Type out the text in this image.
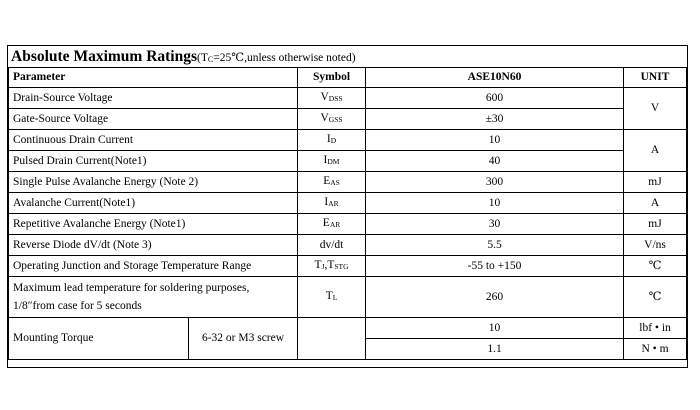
Absolute Maximum $Ratings(T_C=25℃,unless$ otherwise noted)
Parameter		Symbol	ASE10N60	UNIT
Drain-Source Voltage		$V_{DSS}$	600	V
Gate-Source Voltage		$V_{GSS}$	±30	
Continuous Drain Current		$I_D$	10	A
Pulsed Drain Current(Note1)		$I_{DM}$	40	
Single Pulse Avalanche Energy (Note 2)		$E_{AS}$	300	mJ
Avalanche Current(Note1)		$I_{AR}$	10	A
Repetitive Avalanche Energy (Note1)		$E_{AR}$	30	mJ
Reverse Diode dV/dt (Note 3)		dv/dt	5.5	V/ns
Operating Junction and Storage Temperature Range		$T_J,T_{STG}$	-55 to +150	℃

Maximum lead temperature for soldering purposes,
1/8″from case for 5 seconds		$T_L$	260	℃
Mounting Torque	6-32 or M3 screw		10	lbf • in
			1.1	N • m
